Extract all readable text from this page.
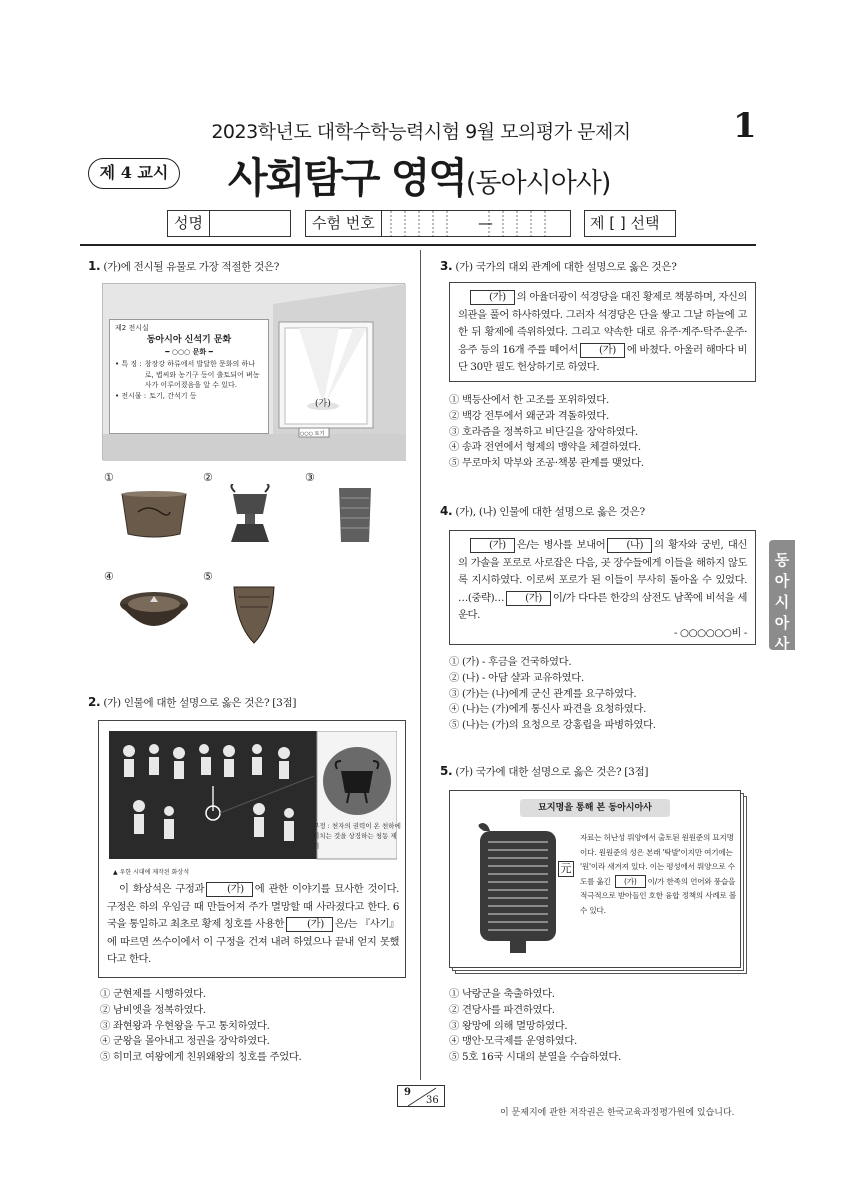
2023학년도 대학수학능력시험 9월 모의평가 문제지	1
제 4 교시 사회탐구 영역(동아시아사)
성명	수험 번호	—	제 [ ] 선택
동
아
시
아
사
1. (가)에 전시될 유물로 가장 적절한 것은?
제2 전시실
동아시아 신석기 문화
━ ○○○ 문화 ━
• 특 징 : 창장강 하류에서 발달한 문화의 하나로, 볍씨와 농기구 등이 출토되어 벼농사가 이루어졌음을 알 수 있다.
• 전시물 : 토기, 간석기 등
(가)
○○○ 토기
①	②	③
④	⑤
2. (가) 인물에 대한 설명으로 옳은 것은? [3점]
구정 : 천자의 권력이 온 천하에 미치는 것을 상징하는 청동 제기
▲ 우한 시대에 제작된 화상석
이 화상석은 구정과 (가) 에 관한 이야기를 묘사한 것이다. 구정은 하의 우임금 때 만들어져 주가 멸망할 때 사라졌다고 한다. 6국을 통일하고 최초로 황제 칭호를 사용한 (가) 은/는 『사기』에 따르면 쓰수이에서 이 구정을 건져 내려 하였으나 끝내 얻지 못했다고 한다.
① 군현제를 시행하였다.
② 남비엣을 정복하였다.
③ 좌현왕과 우현왕을 두고 통치하였다.
④ 군왕을 몰아내고 정권을 장악하였다.
⑤ 히미코 여왕에게 친위왜왕의 칭호를 주었다.
3. (가) 국가의 대외 관계에 대한 설명으로 옳은 것은?
(가) 의 아율더광이 석경당을 대진 황제로 책봉하며, 자신의 의관을 풀어 하사하였다. 그러자 석경당은 단을 쌓고 그날 하늘에 고한 뒤 황제에 즉위하였다. 그리고 약속한 대로 유주·계주·탁주·운주·응주 등의 16개 주를 떼어서 (가) 에 바쳤다. 아울러 해마다 비단 30만 필도 헌상하기로 하였다.
① 백등산에서 한 고조를 포위하였다.
② 백강 전투에서 왜군과 격돌하였다.
③ 호라즘을 정복하고 비단길을 장악하였다.
④ 송과 전연에서 형제의 맹약을 체결하였다.
⑤ 무로마치 막부와 조공·책봉 관계를 맺었다.
4. (가), (나) 인물에 대한 설명으로 옳은 것은?
(가) 은/는 병사를 보내어 (나) 의 황자와 궁빈, 대신의 가솔을 포로로 사로잡은 다음, 곳 장수들에게 이들을 해하지 않도록 지시하였다. 이로써 포로가 된 이들이 무사히 돌아올 수 있었다. …(중략)… (가) 이/가 다다른 한강의 삼전도 남쪽에 비석을 세운다.
- ○○○○○○비 -
① (가) - 후금을 건국하였다.
② (나) - 아담 샬과 교유하였다.
③ (가)는 (나)에게 군신 관계를 요구하였다.
④ (나)는 (가)에게 통신사 파견을 요청하였다.
⑤ (나)는 (가)의 요청으로 강홍립을 파병하였다.
5. (가) 국가에 대한 설명으로 옳은 것은? [3점]
묘지명을 통해 본 동아시아사
元
자료는 허난성 뤄양에서 출토된 원원준의 묘지명이다. 원원준의 성은 본래 '탁발'이지만 여기에는 '원'이라 새겨져 있다. 이는 평성에서 뤄양으로 수도를 옮긴 (가) 이/가 한족의 언어와 풍습을 적극적으로 받아들인 호한 융합 정책의 사례로 볼 수 있다.
① 낙랑군을 축출하였다.
② 견당사를 파견하였다.
③ 왕망에 의해 멸망하였다.
④ 맹안·모극제를 운영하였다.
⑤ 5호 16국 시대의 분열을 수습하였다.
9
36
이 문제지에 관한 저작권은 한국교육과정평가원에 있습니다.
